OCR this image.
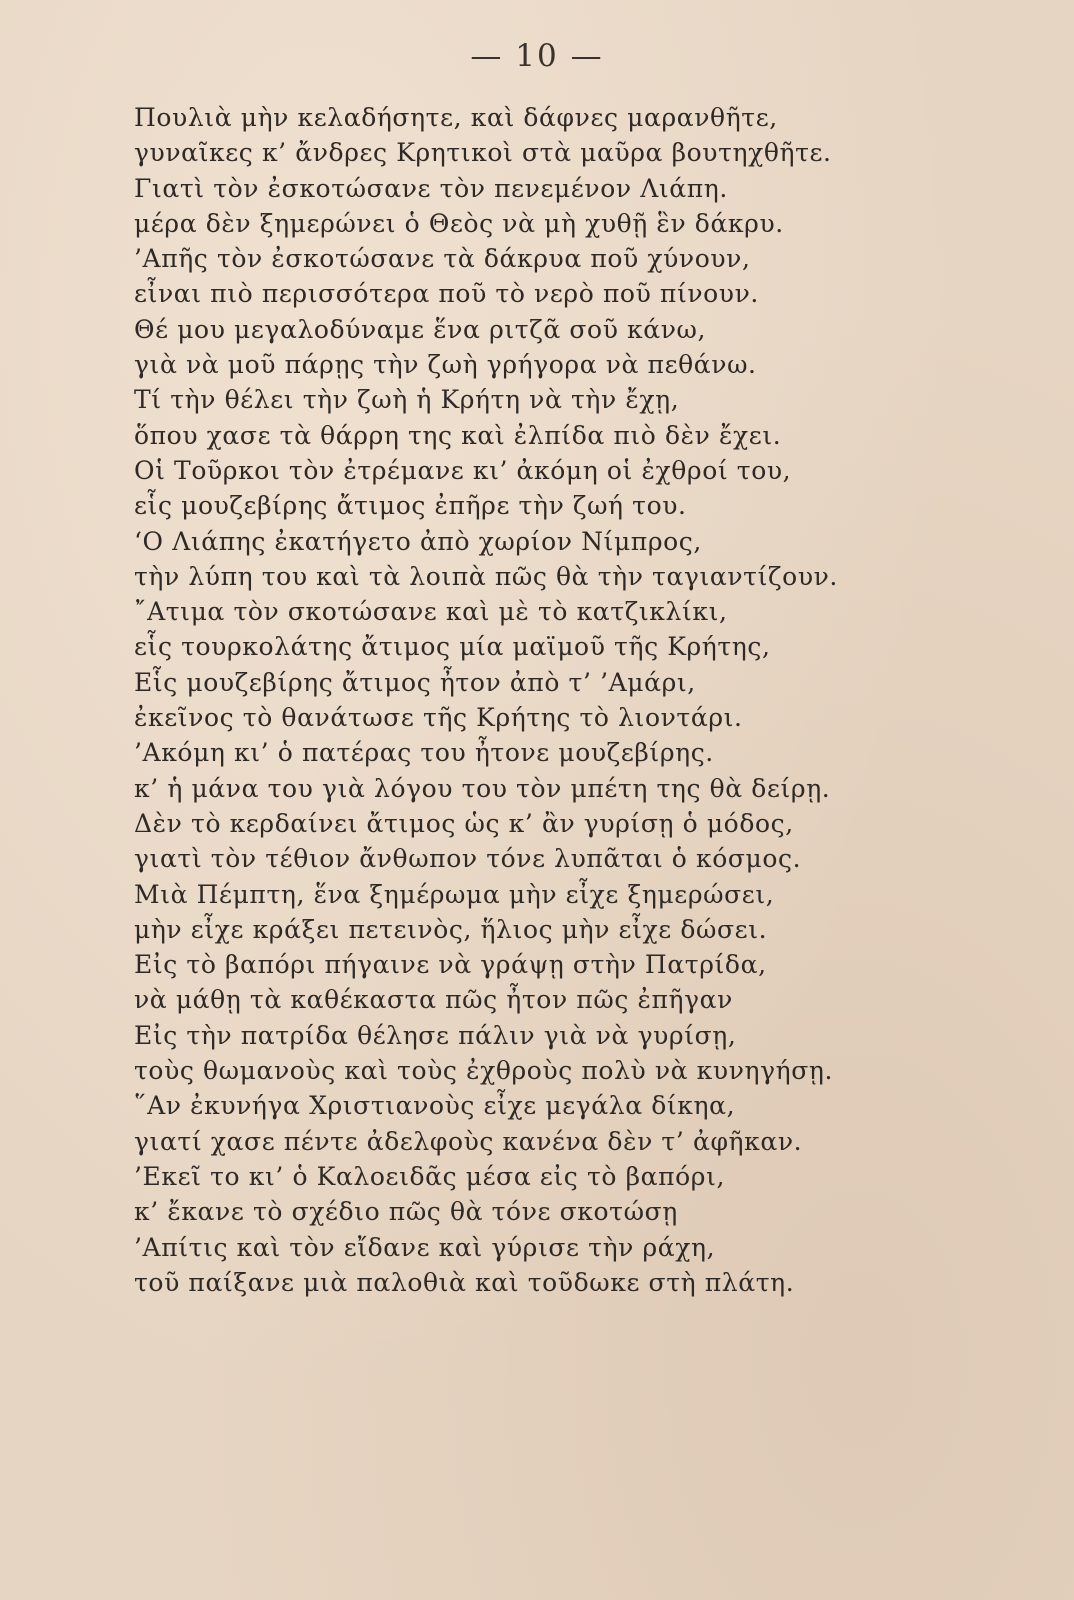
— 10 —
Πουλιὰ μὴν κελαδήσητε, καὶ δάφνες μαρανθῆτε,
γυναῖκες κ’ ἄνδρες Κρητικοὶ στὰ μαῦρα βουτηχθῆτε.
Γιατὶ τὸν ἐσκοτώσανε τὸν πενεμένον Λιάπη.
μέρα δὲν ξημερώνει ὁ Θεὸς νὰ μὴ χυθῇ ἓν δάκρυ.
’Απῆς τὸν ἐσκοτώσανε τὰ δάκρυα ποῦ χύνουν,
εἶναι πιὸ περισσότερα ποῦ τὸ νερὸ ποῦ πίνουν.
Θέ μου μεγαλοδύναμε ἕνα ριτζᾶ σοῦ κάνω,
γιὰ νὰ μοῦ πάρῃς τὴν ζωὴ γρήγορα νὰ πεθάνω.
Τί τὴν θέλει τὴν ζωὴ ἡ Κρήτη νὰ τὴν ἔχῃ,
ὅπου χασε τὰ θάρρη της καὶ ἐλπίδα πιὸ δὲν ἔχει.
Οἱ Τοῦρκοι τὸν ἐτρέμανε κι’ ἀκόμη οἱ ἐχθροί του,
εἷς μουζεβίρης ἄτιμος ἐπῆρε τὴν ζωή του.
‘Ο Λιάπης ἐκατήγετο ἀπὸ χωρίον Νίμπρος,
τὴν λύπη του καὶ τὰ λοιπὰ πῶς θὰ τὴν ταγιαντίζουν.
῎Ατιμα τὸν σκοτώσανε καὶ μὲ τὸ κατζικλίκι,
εἷς τουρκολάτης ἄτιμος μία μαϊμοῦ τῆς Κρήτης,
Εἷς μουζεβίρης ἄτιμος ἦτον ἀπὸ τ’ ’Αμάρι,
ἐκεῖνος τὸ θανάτωσε τῆς Κρήτης τὸ λιοντάρι.
’Ακόμη κι’ ὁ πατέρας του ἦτονε μουζεβίρης.
κ’ ἡ μάνα του γιὰ λόγου του τὸν μπέτη της θὰ δείρῃ.
Δὲν τὸ κερδαίνει ἄτιμος ὡς κ’ ἂν γυρίσῃ ὁ μόδος,
γιατὶ τὸν τέθιον ἄνθωπον τόνε λυπᾶται ὁ κόσμος.
Μιὰ Πέμπτη, ἕνα ξημέρωμα μὴν εἶχε ξημερώσει,
μὴν εἶχε κράξει πετεινὸς, ἥλιος μὴν εἶχε δώσει.
Εἰς τὸ βαπόρι πήγαινε νὰ γράψῃ στὴν Πατρίδα,
νὰ μάθῃ τὰ καθέκαστα πῶς ἦτον πῶς ἐπῆγαν
Εἰς τὴν πατρίδα θέλησε πάλιν γιὰ νὰ γυρίσῃ,
τοὺς θωμανοὺς καὶ τοὺς ἐχθροὺς πολὺ νὰ κυνηγήσῃ.
῞Αν ἐκυνήγα Χριστιανοὺς εἶχε μεγάλα δίκηα,
γιατί χασε πέντε ἀδελφοὺς κανένα δὲν τ’ ἀφῆκαν.
’Εκεῖ το κι’ ὁ Καλοειδᾶς μέσα εἰς τὸ βαπόρι,
κ’ ἔκανε τὸ σχέδιο πῶς θὰ τόνε σκοτώσῃ
’Απίτις καὶ τὸν εἴδανε καὶ γύρισε τὴν ράχη,
τοῦ παίξανε μιὰ παλοθιὰ καὶ τοῦδωκε στὴ πλάτη.
